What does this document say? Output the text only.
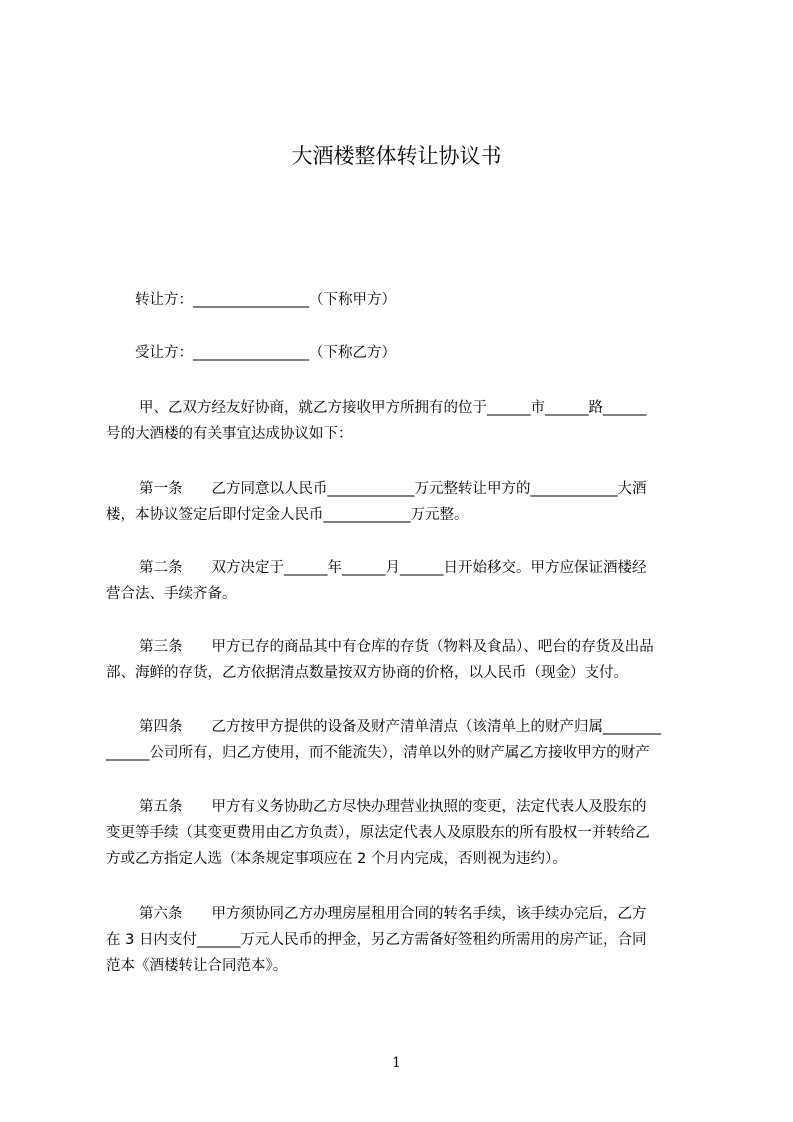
大酒楼整体转让协议书
转让方：________________（下称甲方）
受让方：________________（下称乙方）
甲、乙双方经友好协商，就乙方接收甲方所拥有的位于______市______路______
号的大酒楼的有关事宜达成协议如下：
第一条　　乙方同意以人民币____________万元整转让甲方的____________大酒
楼，本协议签定后即付定金人民币____________万元整。
第二条　　双方决定于______年______月______日开始移交。甲方应保证酒楼经
营合法、手续齐备。
第三条　　甲方已存的商品其中有仓库的存货（物料及食品）、吧台的存货及出品
部、海鲜的存货，乙方依据清点数量按双方协商的价格，以人民币（现金）支付。
第四条　　乙方按甲方提供的设备及财产清单清点（该清单上的财产归属________
______公司所有，归乙方使用，而不能流失），清单以外的财产属乙方接收甲方的财产
第五条　　甲方有义务协助乙方尽快办理营业执照的变更，法定代表人及股东的
变更等手续（其变更费用由乙方负责），原法定代表人及原股东的所有股权一并转给乙
方或乙方指定人选（本条规定事项应在 2 个月内完成，否则视为违约）。
第六条　　甲方须协同乙方办理房屋租用合同的转名手续，该手续办完后，乙方
在 3 日内支付______万元人民币的押金，另乙方需备好签租约所需用的房产证，合同
范本《酒楼转让合同范本》。
1
